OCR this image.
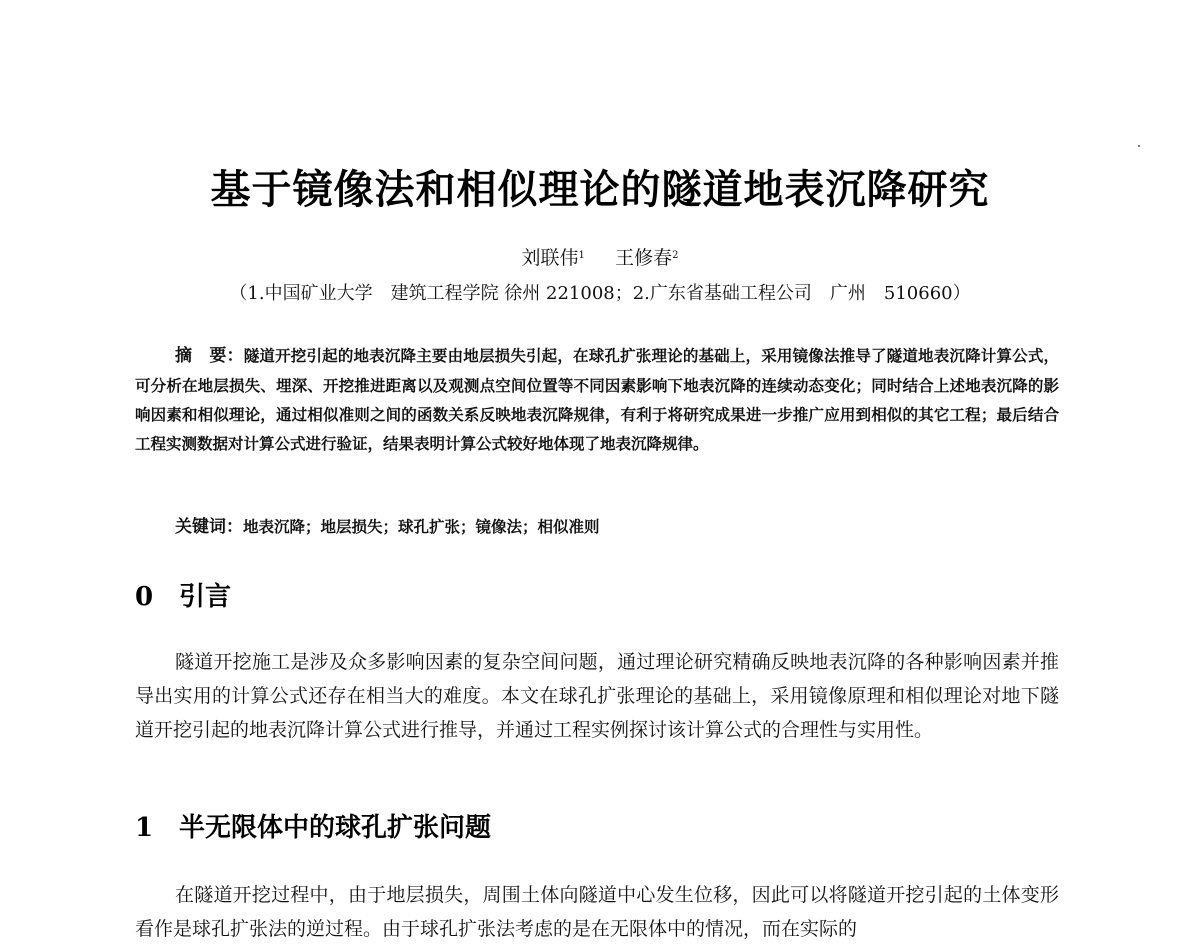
基于镜像法和相似理论的隧道地表沉降研究
刘联伟$^1$ 王修春$^2$
（1.中国矿业大学　建筑工程学院 徐州 221008；2.广东省基础工程公司　广州　510660）
摘　要：隧道开挖引起的地表沉降主要由地层损失引起，在球孔扩张理论的基础上，采用镜像法推导了隧道地表沉降计算公式，可分析在地层损失、埋深、开挖推进距离以及观测点空间位置等不同因素影响下地表沉降的连续动态变化；同时结合上述地表沉降的影响因素和相似理论，通过相似准则之间的函数关系反映地表沉降规律，有利于将研究成果进一步推广应用到相似的其它工程；最后结合工程实测数据对计算公式进行验证，结果表明计算公式较好地体现了地表沉降规律。
关键词：地表沉降；地层损失；球孔扩张；镜像法；相似准则
0 引言
隧道开挖施工是涉及众多影响因素的复杂空间问题，通过理论研究精确反映地表沉降的各种影响因素并推导出实用的计算公式还存在相当大的难度。本文在球孔扩张理论的基础上，采用镜像原理和相似理论对地下隧道开挖引起的地表沉降计算公式进行推导，并通过工程实例探讨该计算公式的合理性与实用性。
1 半无限体中的球孔扩张问题
在隧道开挖过程中，由于地层损失，周围土体向隧道中心发生位移，因此可以将隧道开挖引起的土体变形看作是球孔扩张法的逆过程。由于球孔扩张法考虑的是在无限体中的情况，而在实际的
